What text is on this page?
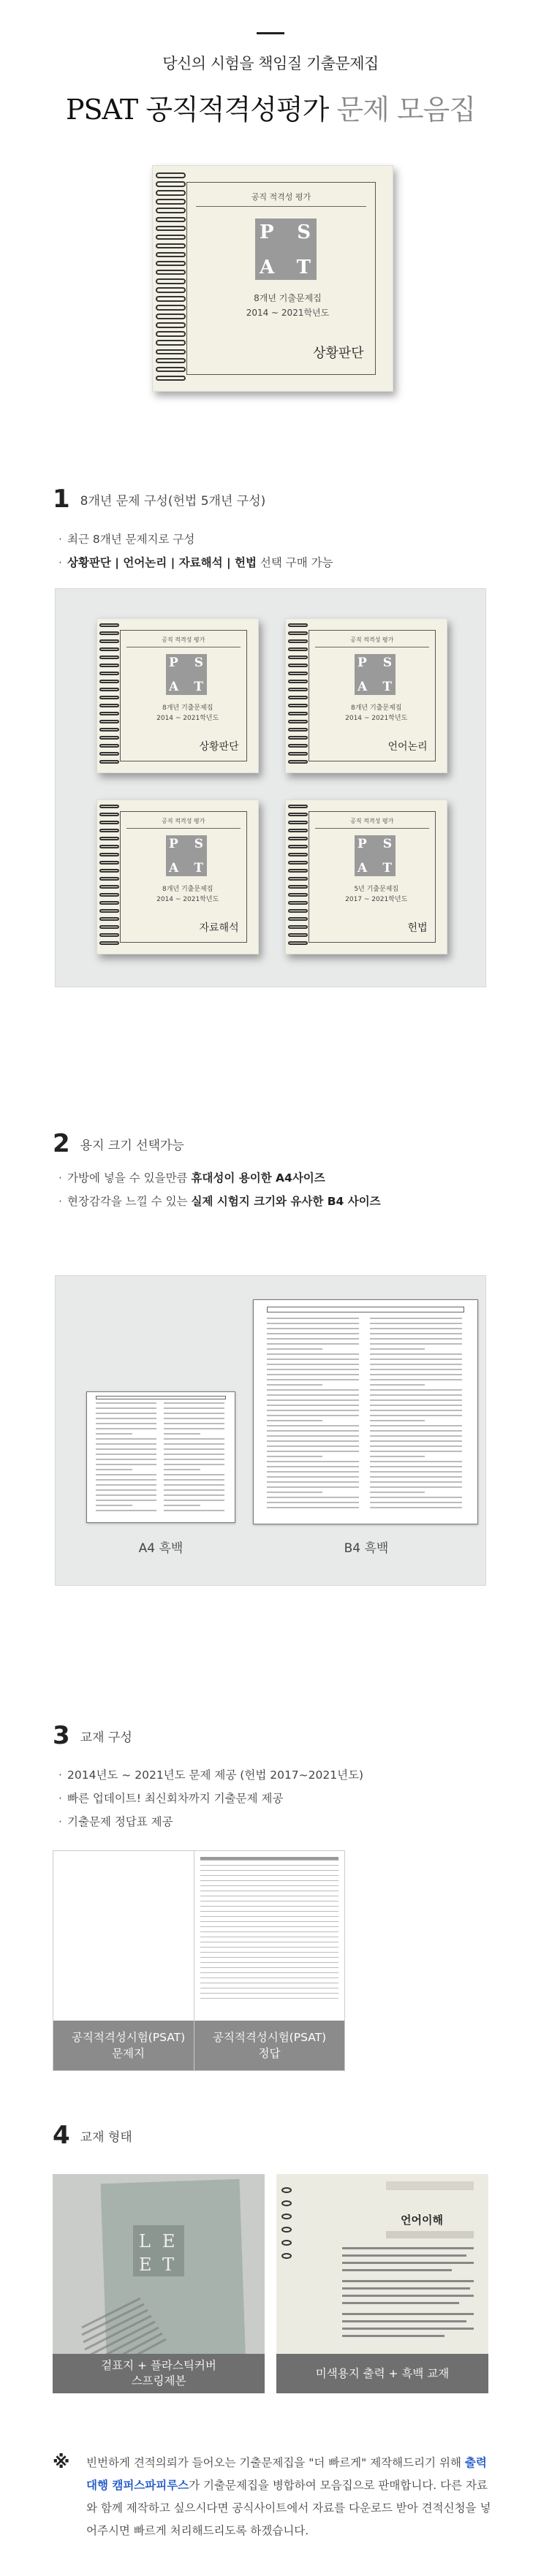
당신의 시험을 책임질 기출문제집
PSAT 공직적격성평가 문제 모음집
공직 적격성 평가
P S
A T
8개년 기출문제집
2014 ~ 2021학년도
상황판단
1 8개년 문제 구성(헌법 5개년 구성)
· 최근 8개년 문제지로 구성
· 상황판단 | 언어논리 | 자료해석 | 헌법 선택 구매 가능
공직 적격성 평가
P S
A T
8개년 기출문제집
2014 ~ 2021학년도
상황판단
공직 적격성 평가
P S
A T
8개년 기출문제집
2014 ~ 2021학년도
언어논리
공직 적격성 평가
P S
A T
8개년 기출문제집
2014 ~ 2021학년도
자료해석
공직 적격성 평가
P S
A T
5년 기출문제집
2017 ~ 2021학년도
헌법
2 용지 크기 선택가능
· 가방에 넣을 수 있을만큼 휴대성이 용이한 A4사이즈
· 현장감각을 느낄 수 있는 실제 시험지 크기와 유사한 B4 사이즈
A4 흑백	B4 흑백
3 교재 구성
· 2014년도 ~ 2021년도 문제 제공 (헌법 2017~2021년도)
· 빠른 업데이트! 최신회차까지 기출문제 제공
· 기출문제 정답표 제공
공직적격성시험(PSAT)
문제지
공직적격성시험(PSAT)
정답
4 교재 형태
L E
E T
겉표지 + 플라스틱커버
스프링제본
언어이해
미색용지 출력 + 흑백 교재
※ 빈번하게 견적의뢰가 들어오는 기출문제집을 "더 빠르게" 제작해드리기 위해 출력대행 캠퍼스파피루스가 기출문제집을 병합하여 모음집으로 판매합니다. 다른 자료와 함께 제작하고 싶으시다면 공식사이트에서 자료를 다운로드 받아 견적신청을 넣어주시면 빠르게 처리해드리도록 하겠습니다.
